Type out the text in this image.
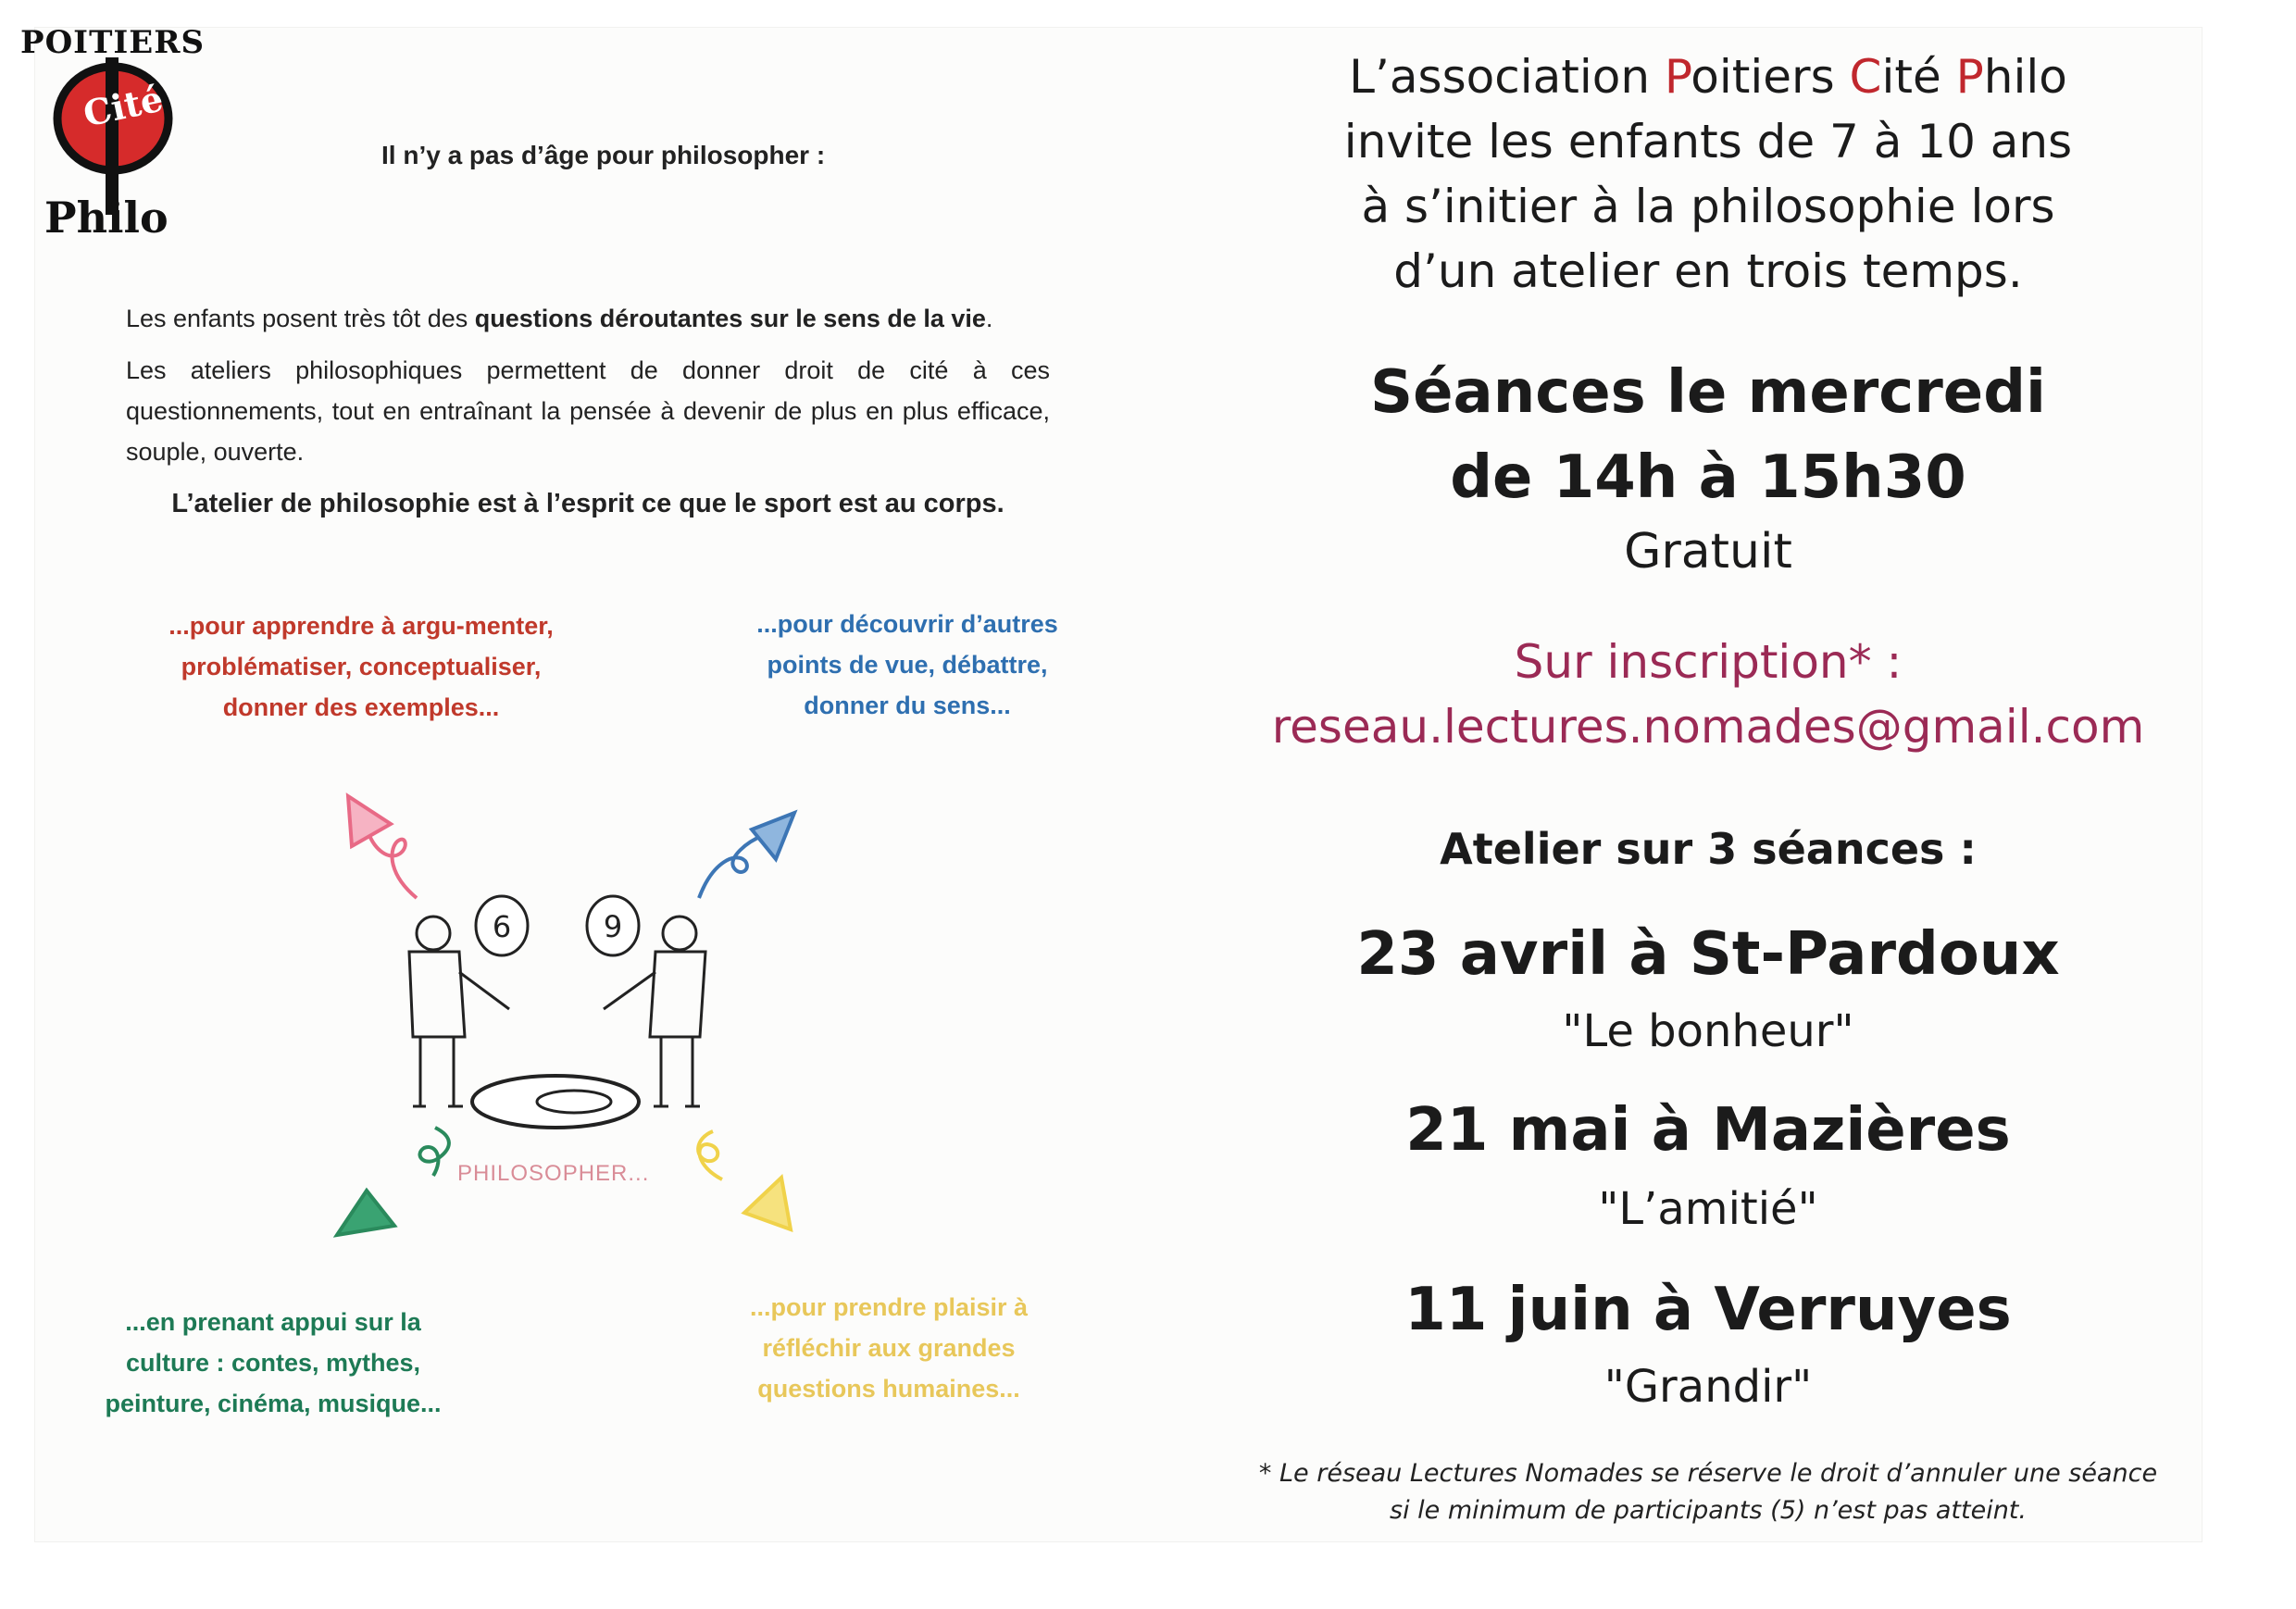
POITIERS
Cité
Philo
Il n’y a pas d’âge pour philosopher :
Les enfants posent très tôt des questions déroutantes sur le sens de la vie.
Les ateliers philosophiques permettent de donner droit de cité à ces questionnements, tout en entraînant la pensée à devenir de plus en plus efficace, souple, ouverte.
L’atelier de philosophie est à l’esprit ce que le sport est au corps.
...pour apprendre à argu-menter, problématiser, conceptualiser, donner des exemples...
...pour découvrir d’autres points de vue, débattre, donner du sens...
6	9
PHILOSOPHER...
...en prenant appui sur la culture : contes, mythes, peinture, cinéma, musique...
...pour prendre plaisir à réfléchir aux grandes questions humaines...
L’association Poitiers Cité Philo
invite les enfants de 7 à 10 ans
à s’initier à la philosophie lors
d’un atelier en trois temps.
Séances le mercredi
de 14h à 15h30
Gratuit
Sur inscription* :
reseau.lectures.nomades@gmail.com
Atelier sur 3 séances :
23 avril à St-Pardoux
"Le bonheur"
21 mai à Mazières
"L’amitié"
11 juin à Verruyes
"Grandir"
* Le réseau Lectures Nomades se réserve le droit d’annuler une séance
si le minimum de participants (5) n’est pas atteint.
